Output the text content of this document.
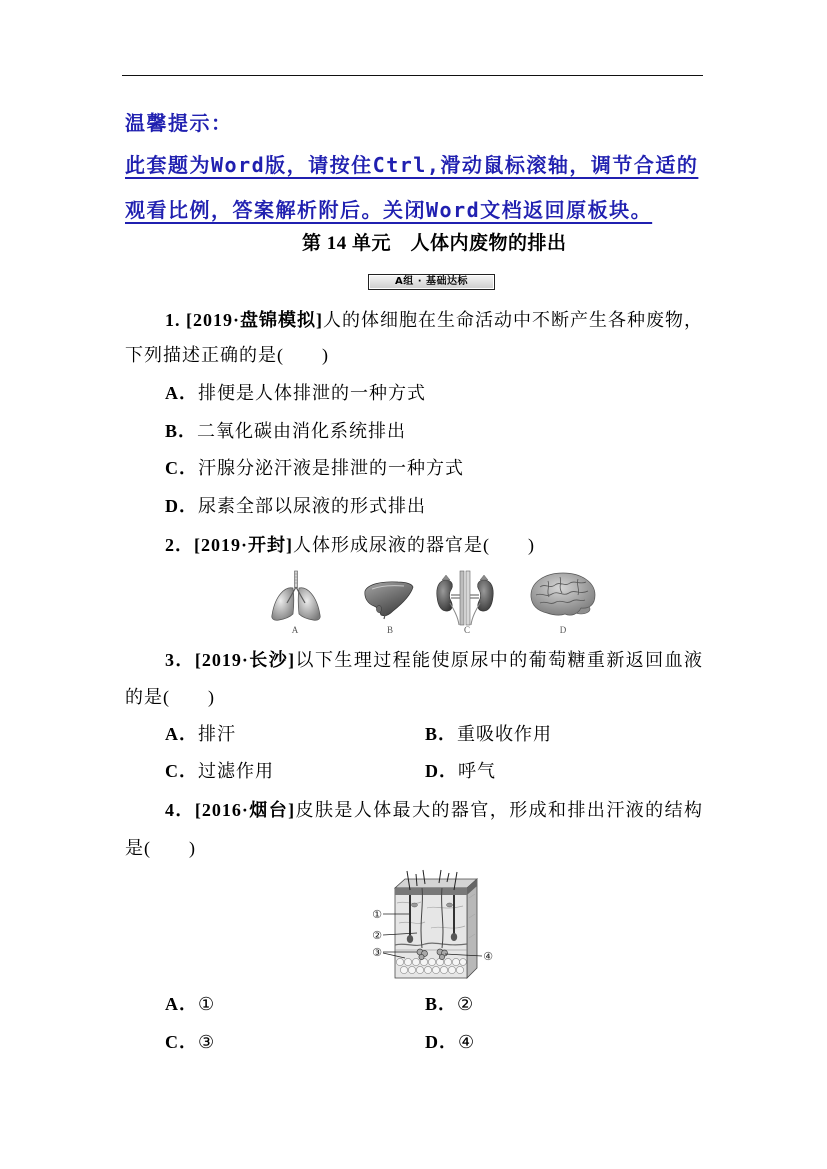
温馨提示：
此套题为Word版，请按住Ctrl,滑动鼠标滚轴，调节合适的
观看比例，答案解析附后。关闭Word文档返回原板块。
第 14 单元　人体内废物的排出
A组 · 基础达标
1. [2019·盘锦模拟]人的体细胞在生命活动中不断产生各种废物，
下列描述正确的是(　　)
A．排便是人体排泄的一种方式
B．二氧化碳由消化系统排出
C．汗腺分泌汗液是排泄的一种方式
D．尿素全部以尿液的形式排出
2．[2019·开封]人体形成尿液的器官是(　　)
A	B	C	D
3．[2019·长沙]以下生理过程能使原尿中的葡萄糖重新返回血液
的是(　　)
A．排汗	B．重吸收作用
C．过滤作用	D．呼气
4．[2016·烟台]皮肤是人体最大的器官，形成和排出汗液的结构
是(　　)
①
②
③	④
A．①	B．②
C．③	D．④
